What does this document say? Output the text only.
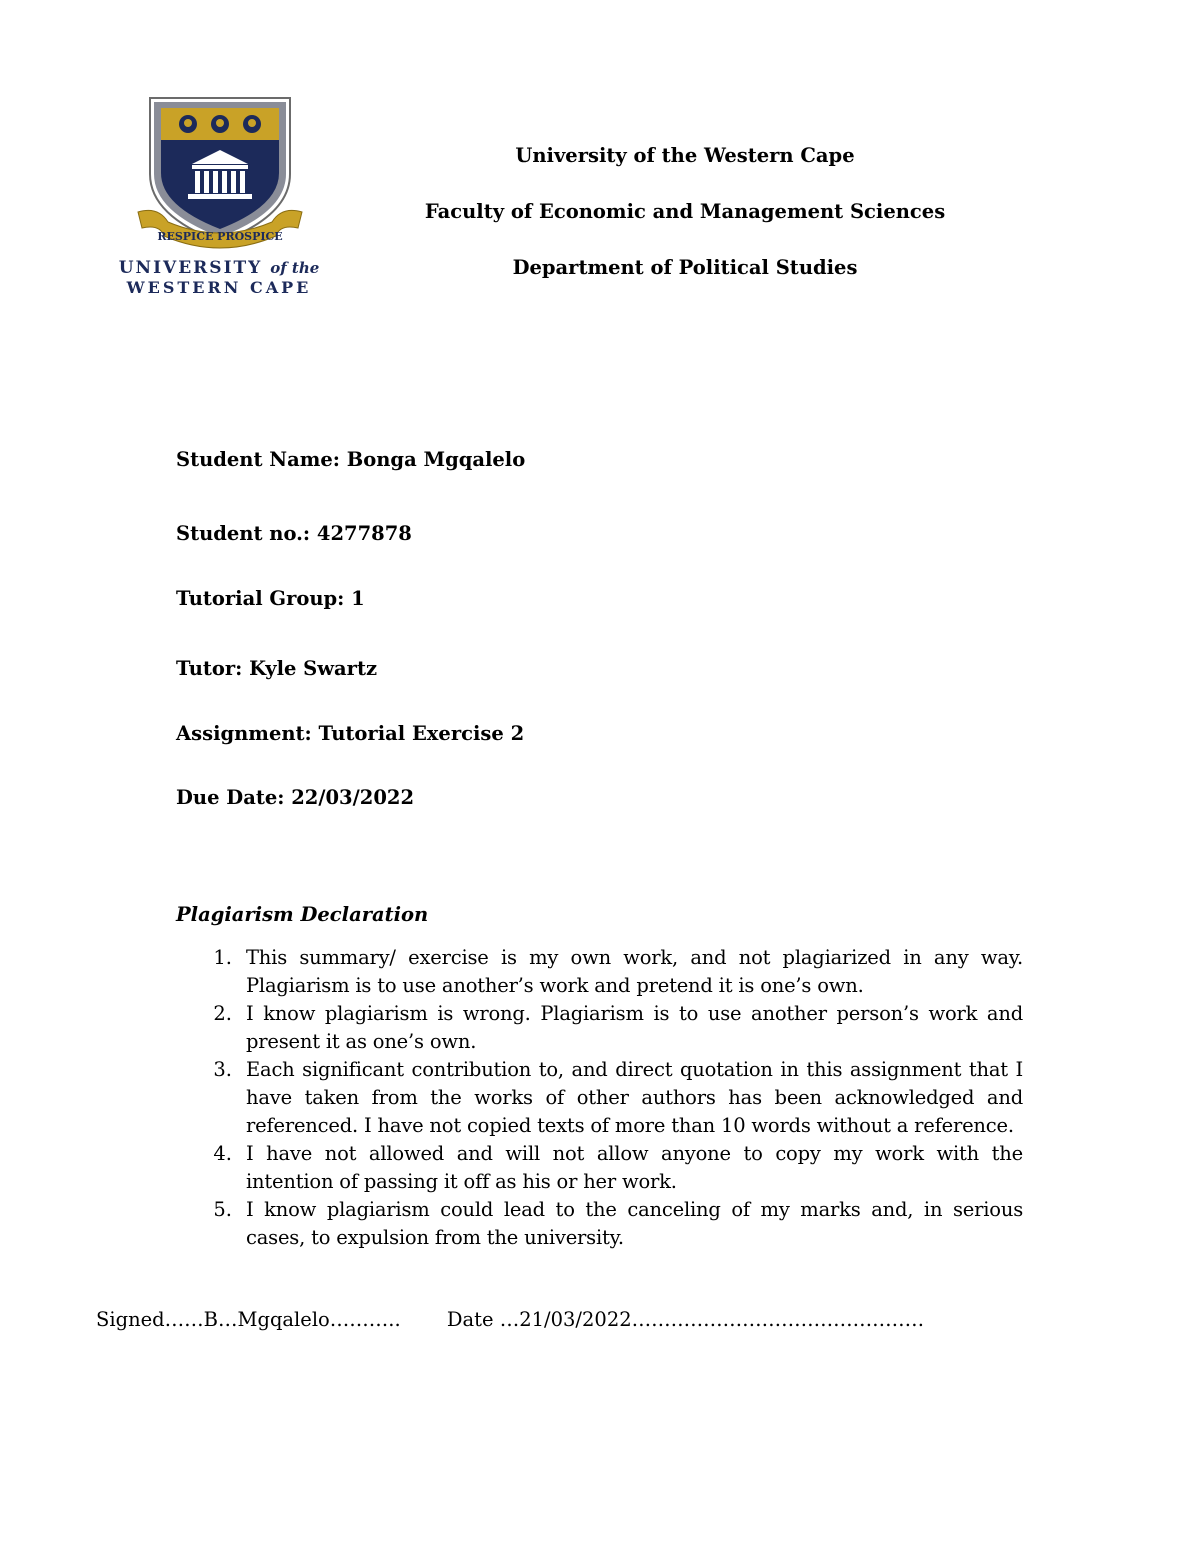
RESPICE PROSPICE
UNIVERSITY of the
WESTERN CAPE
University of the Western Cape
Faculty of Economic and Management Sciences
Department of Political Studies
Student Name: Bonga Mgqalelo
Student no.: 4277878
Tutorial Group: 1
Tutor: Kyle Swartz
Assignment: Tutorial Exercise 2
Due Date: 22/03/2022
Plagiarism Declaration
1. This summary/ exercise is my own work, and not plagiarized in any way. Plagiarism is to use another’s work and pretend it is one’s own.
2. I know plagiarism is wrong. Plagiarism is to use another person’s work and present it as one’s own.
3. Each significant contribution to, and direct quotation in this assignment that I have taken from the works of other authors has been acknowledged and referenced. I have not copied texts of more than 10 words without a reference.
4. I have not allowed and will not allow anyone to copy my work with the intention of passing it off as his or her work.
5. I know plagiarism could lead to the canceling of my marks and, in serious cases, to expulsion from the university.
Signed……B…Mgqalelo……….. Date …21/03/2022………………………………………
